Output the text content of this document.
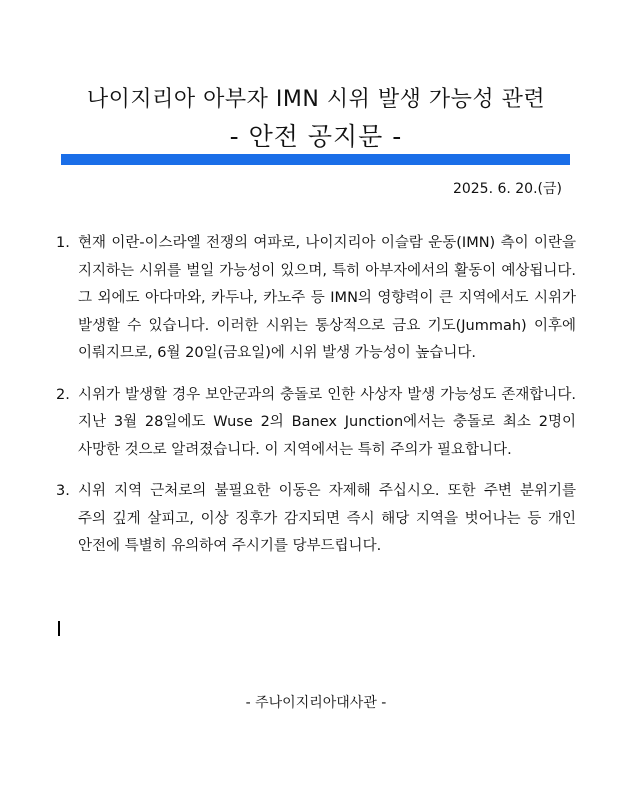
나이지리아 아부자 IMN 시위 발생 가능성 관련
- 안전 공지문 -
2025. 6. 20.(금)
1. 현재 이란-이스라엘 전쟁의 여파로, 나이지리아 이슬람 운동(IMN) 측이 이란을 지지하는 시위를 벌일 가능성이 있으며, 특히 아부자에서의 활동이 예상됩니다. 그 외에도 아다마와, 카두나, 카노주 등 IMN의 영향력이 큰 지역에서도 시위가 발생할 수 있습니다. 이러한 시위는 통상적으로 금요 기도(Jummah) 이후에 이뤄지므로, 6월 20일(금요일)에 시위 발생 가능성이 높습니다.
2. 시위가 발생할 경우 보안군과의 충돌로 인한 사상자 발생 가능성도 존재합니다. 지난 3월 28일에도 Wuse 2의 Banex Junction에서는 충돌로 최소 2명이 사망한 것으로 알려졌습니다. 이 지역에서는 특히 주의가 필요합니다.
3. 시위 지역 근처로의 불필요한 이동은 자제해 주십시오. 또한 주변 분위기를 주의 깊게 살피고, 이상 징후가 감지되면 즉시 해당 지역을 벗어나는 등 개인 안전에 특별히 유의하여 주시기를 당부드립니다.
- 주나이지리아대사관 -
